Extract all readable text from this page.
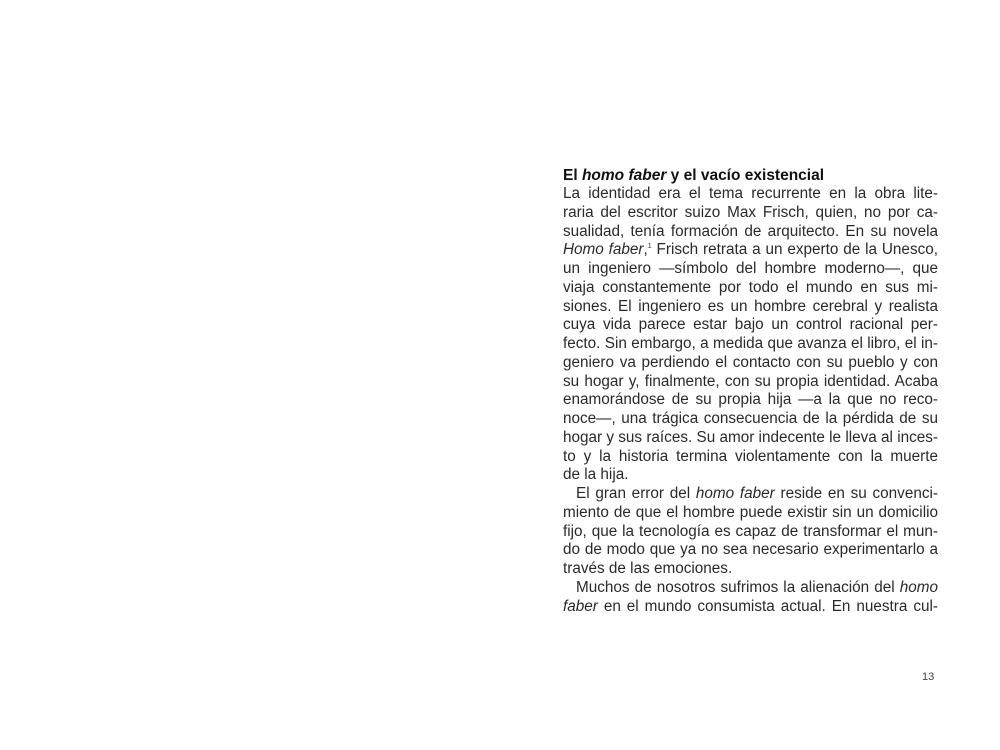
El homo faber y el vacío existencial
La identidad era el tema recurrente en la obra lite-
raria del escritor suizo Max Frisch, quien, no por ca-
sualidad, tenía formación de arquitecto. En su novela
Homo faber,$^1$ Frisch retrata a un experto de la Unesco,
un ingeniero —símbolo del hombre moderno—, que
viaja constantemente por todo el mundo en sus mi-
siones. El ingeniero es un hombre cerebral y realista
cuya vida parece estar bajo un control racional per-
fecto. Sin embargo, a medida que avanza el libro, el in-
geniero va perdiendo el contacto con su pueblo y con
su hogar y, finalmente, con su propia identidad. Acaba
enamorándose de su propia hija —a la que no reco-
noce—, una trágica consecuencia de la pérdida de su
hogar y sus raíces. Su amor indecente le lleva al inces-
to y la historia termina violentamente con la muerte
de la hija.
El gran error del homo faber reside en su convenci-
miento de que el hombre puede existir sin un domicilio
fijo, que la tecnología es capaz de transformar el mun-
do de modo que ya no sea necesario experimentarlo a
través de las emociones.
Muchos de nosotros sufrimos la alienación del homo
faber en el mundo consumista actual. En nuestra cul-
13
